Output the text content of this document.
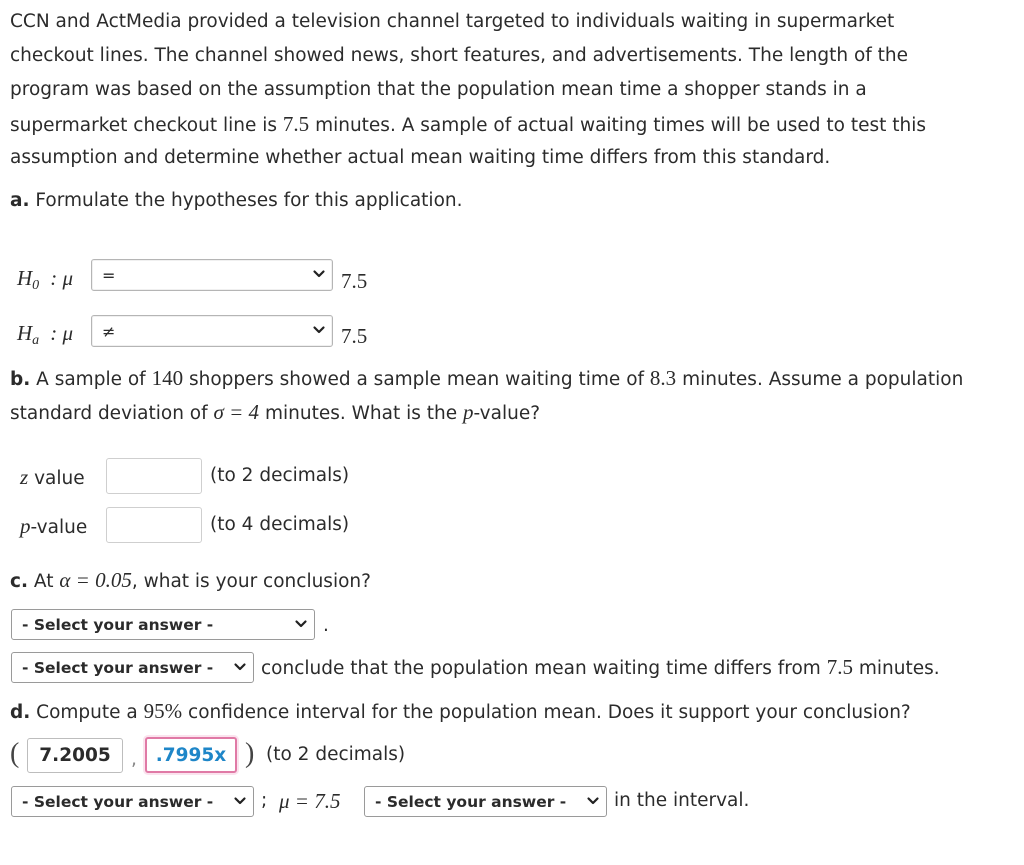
CCN and ActMedia provided a television channel targeted to individuals waiting in supermarket
checkout lines. The channel showed news, short features, and advertisements. The length of the
program was based on the assumption that the population mean time a shopper stands in a
supermarket checkout line is 7.5 minutes. A sample of actual waiting times will be used to test this
assumption and determine whether actual mean waiting time differs from this standard.
a. Formulate the hypotheses for this application.
$H_0$ : μ =	7.5
$H_a$ : μ ≠	7.5
b. A sample of 140 shoppers showed a sample mean waiting time of 8.3 minutes. Assume a population
standard deviation of σ = 4 minutes. What is the p-value?
z value	(to 2 decimals)
p-value	(to 4 decimals)
c. At α = 0.05, what is your conclusion?
- Select your answer -	.
- Select your answer -	conclude that the population mean waiting time differs from 7.5 minutes.
d. Compute a 95% confidence interval for the population mean. Does it support your conclusion?
(	7.2005	,	.7995x ) (to 2 decimals)
- Select your answer -	; μ = 7.5 - Select your answer -	in the interval.
